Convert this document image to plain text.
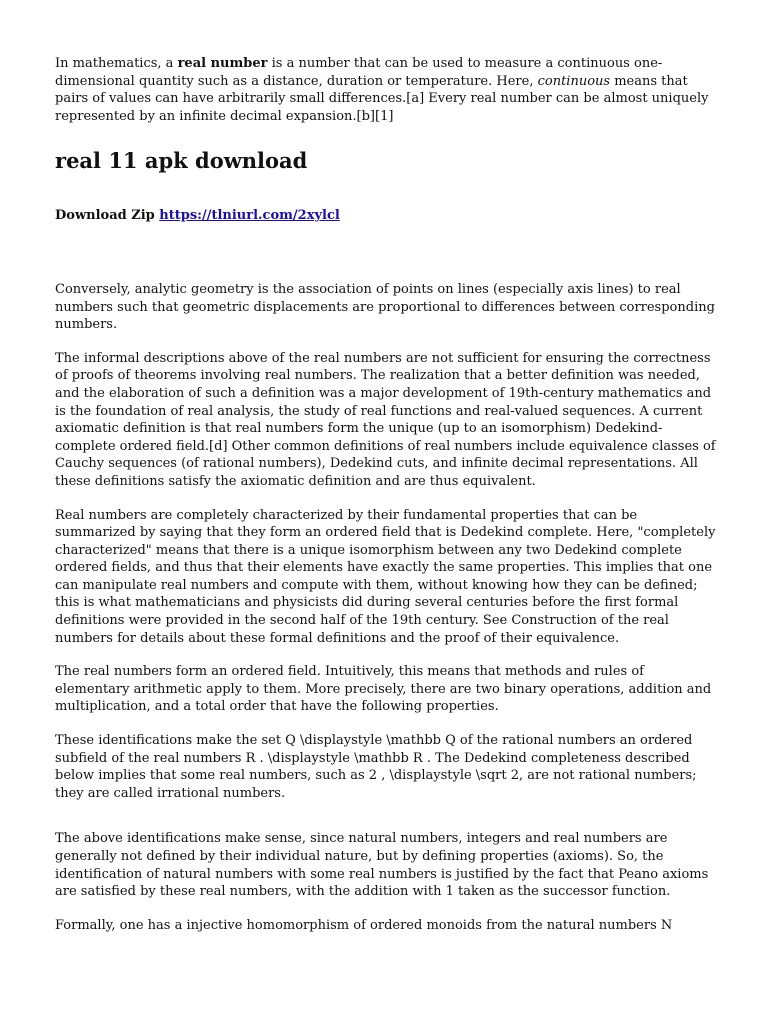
In mathematics, a real number is a number that can be used to measure a continuous one-dimensional quantity such as a distance, duration or temperature. Here, continuous means that pairs of values can have arbitrarily small differences.[a] Every real number can be almost uniquely represented by an infinite decimal expansion.[b][1]

real 11 apk download
Download Zip https://tlniurl.com/2xylcl

Conversely, analytic geometry is the association of points on lines (especially axis lines) to real numbers such that geometric displacements are proportional to differences between corresponding numbers.

The informal descriptions above of the real numbers are not sufficient for ensuring the correctness of proofs of theorems involving real numbers. The realization that a better definition was needed, and the elaboration of such a definition was a major development of 19th-century mathematics and is the foundation of real analysis, the study of real functions and real-valued sequences. A current axiomatic definition is that real numbers form the unique (up to an isomorphism) Dedekind-complete ordered field.[d] Other common definitions of real numbers include equivalence classes of Cauchy sequences (of rational numbers), Dedekind cuts, and infinite decimal representations. All these definitions satisfy the axiomatic definition and are thus equivalent.

Real numbers are completely characterized by their fundamental properties that can be summarized by saying that they form an ordered field that is Dedekind complete. Here, "completely characterized" means that there is a unique isomorphism between any two Dedekind complete ordered fields, and thus that their elements have exactly the same properties. This implies that one can manipulate real numbers and compute with them, without knowing how they can be defined; this is what mathematicians and physicists did during several centuries before the first formal definitions were provided in the second half of the 19th century. See Construction of the real numbers for details about these formal definitions and the proof of their equivalence.

The real numbers form an ordered field. Intuitively, this means that methods and rules of elementary arithmetic apply to them. More precisely, there are two binary operations, addition and multiplication, and a total order that have the following properties.

These identifications make the set Q \displaystyle \mathbb Q of the rational numbers an ordered subfield of the real numbers R . \displaystyle \mathbb R . The Dedekind completeness described below implies that some real numbers, such as 2 , \displaystyle \sqrt 2, are not rational numbers; they are called irrational numbers.

The above identifications make sense, since natural numbers, integers and real numbers are generally not defined by their individual nature, but by defining properties (axioms). So, the identification of natural numbers with some real numbers is justified by the fact that Peano axioms are satisfied by these real numbers, with the addition with 1 taken as the successor function.

Formally, one has a injective homomorphism of ordered monoids from the natural numbers N
